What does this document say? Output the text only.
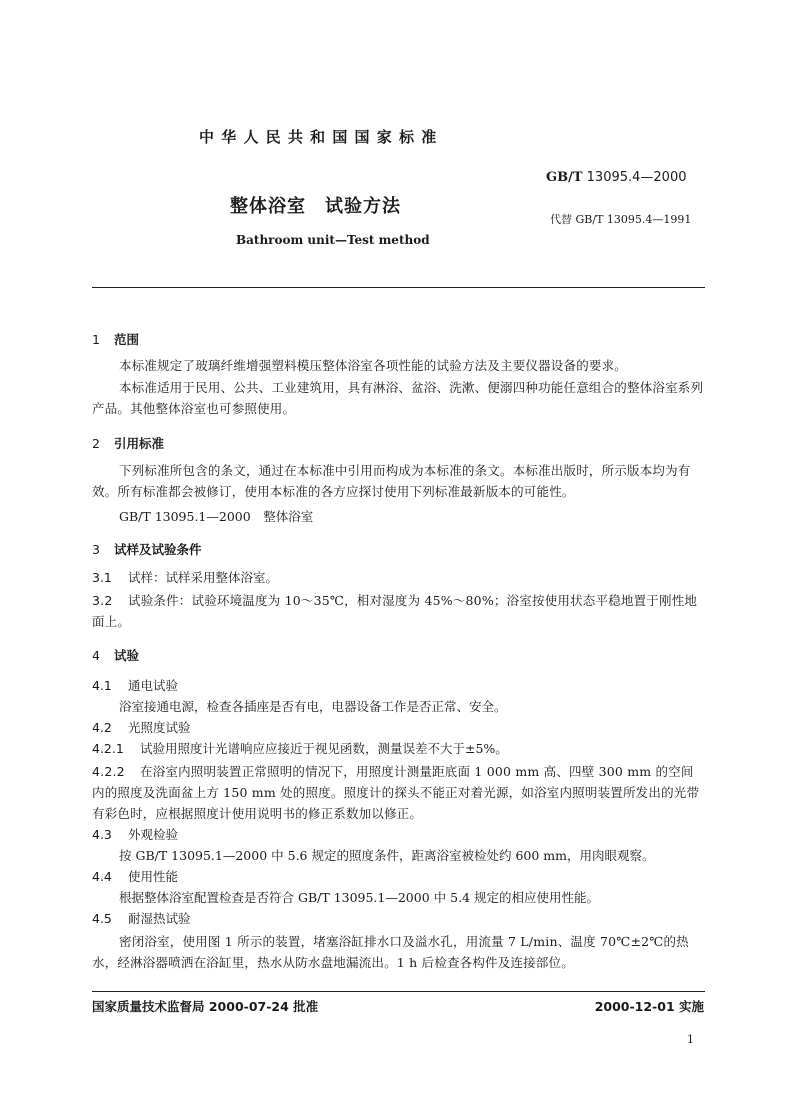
中 华 人 民 共 和 国 国 家 标 准
GB/T 13095.4—2000
整体浴室　试验方法
代替 GB/T 13095.4—1991
Bathroom unit—Test method
1 范围
本标准规定了玻璃纤维增强塑料模压整体浴室各项性能的试验方法及主要仪器设备的要求。
本标准适用于民用、公共、工业建筑用，具有淋浴、盆浴、洗漱、便溺四种功能任意组合的整体浴室系列产品。其他整体浴室也可参照使用。
2 引用标准
下列标准所包含的条文，通过在本标准中引用而构成为本标准的条文。本标准出版时，所示版本均为有效。所有标准都会被修订，使用本标准的各方应探讨使用下列标准最新版本的可能性。
GB/T 13095.1—2000　整体浴室
3 试样及试验条件
3.1 试样：试样采用整体浴室。
3.2 试验条件：试验环境温度为 10～35℃，相对湿度为 45%～80%；浴室按使用状态平稳地置于刚性地面上。
4 试验
4.1 通电试验
浴室接通电源，检查各插座是否有电，电器设备工作是否正常、安全。
4.2 光照度试验
4.2.1 试验用照度计光谱响应应接近于视见函数，测量误差不大于±5%。
4.2.2 在浴室内照明装置正常照明的情况下，用照度计测量距底面 1 000 mm 高、四壁 300 mm 的空间内的照度及洗面盆上方 150 mm 处的照度。照度计的探头不能正对着光源，如浴室内照明装置所发出的光带有彩色时，应根据照度计使用说明书的修正系数加以修正。
4.3 外观检验
按 GB/T 13095.1—2000 中 5.6 规定的照度条件，距离浴室被检处约 600 mm，用肉眼观察。
4.4 使用性能
根据整体浴室配置检查是否符合 GB/T 13095.1—2000 中 5.4 规定的相应使用性能。
4.5 耐湿热试验
密闭浴室，使用图 1 所示的装置，堵塞浴缸排水口及溢水孔，用流量 7 L/min、温度 70℃±2℃的热水，经淋浴器喷洒在浴缸里，热水从防水盘地漏流出。1 h 后检查各构件及连接部位。
国家质量技术监督局 2000-07-24 批准	2000-12-01 实施
1
